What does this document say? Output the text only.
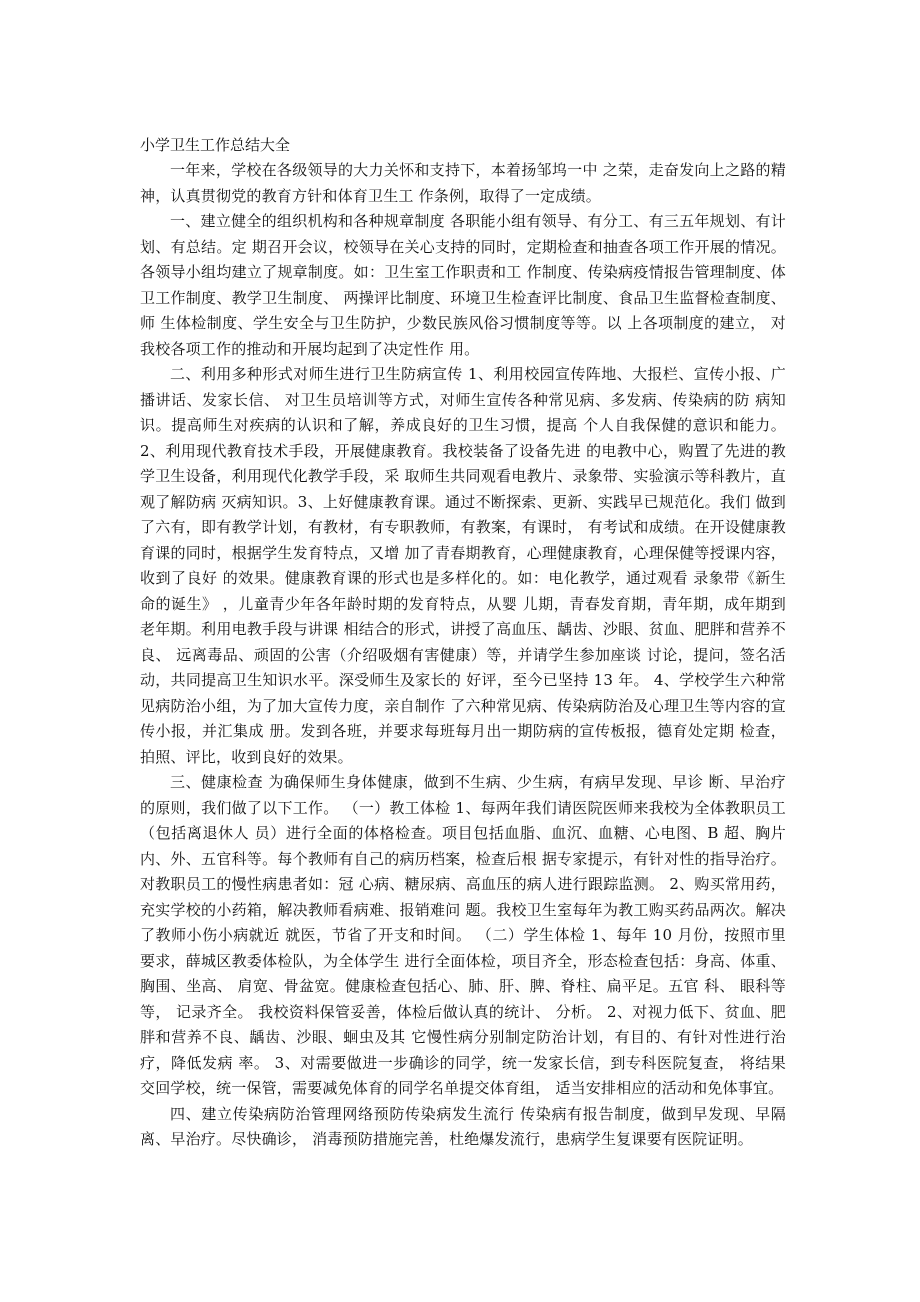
小学卫生工作总结大全

一年来，学校在各级领导的大力关怀和支持下，本着扬邹坞一中 之荣，走奋发向上之路的精神，认真贯彻党的教育方针和体育卫生工 作条例，取得了一定成绩。

一、建立健全的组织机构和各种规章制度 各职能小组有领导、有分工、有三五年规划、有计划、有总结。定 期召开会议，校领导在关心支持的同时，定期检查和抽查各项工作开展的情况。各领导小组均建立了规章制度。如：卫生室工作职责和工 作制度、传染病疫情报告管理制度、体卫工作制度、教学卫生制度、 两操评比制度、环境卫生检查评比制度、食品卫生监督检查制度、师 生体检制度、学生安全与卫生防护，少数民族风俗习惯制度等等。以 上各项制度的建立， 对我校各项工作的推动和开展均起到了决定性作 用。

二、利用多种形式对师生进行卫生防病宣传 1、利用校园宣传阵地、大报栏、宣传小报、广播讲话、发家长信、 对卫生员培训等方式，对师生宣传各种常见病、多发病、传染病的防 病知识。提高师生对疾病的认识和了解，养成良好的卫生习惯，提高 个人自我保健的意识和能力。 2、利用现代教育技术手段，开展健康教育。我校装备了设备先进 的电教中心，购置了先进的教学卫生设备，利用现代化教学手段，采 取师生共同观看电教片、录象带、实验演示等科教片，直观了解防病 灭病知识。3、上好健康教育课。通过不断探索、更新、实践早已规范化。我们 做到了六有，即有教学计划，有教材，有专职教师，有教案，有课时， 有考试和成绩。在开设健康教育课的同时，根据学生发育特点，又增 加了青春期教育，心理健康教育，心理保健等授课内容，收到了良好 的效果。健康教育课的形式也是多样化的。如：电化教学，通过观看 录象带《新生命的诞生》 ，儿童青少年各年龄时期的发育特点，从婴 儿期，青春发育期，青年期，成年期到老年期。利用电教手段与讲课 相结合的形式，讲授了高血压、龋齿、沙眼、贫血、肥胖和营养不良、 远离毒品、顽固的公害（介绍吸烟有害健康）等，并请学生参加座谈 讨论，提问，签名活动，共同提高卫生知识水平。深受师生及家长的 好评，至今已坚持 13 年。 4、学校学生六种常见病防治小组，为了加大宣传力度，亲自制作 了六种常见病、传染病防治及心理卫生等内容的宣传小报，并汇集成 册。发到各班，并要求每班每月出一期防病的宣传板报，德育处定期 检查，拍照、评比，收到良好的效果。

三、健康检查 为确保师生身体健康，做到不生病、少生病，有病早发现、早诊 断、早治疗的原则，我们做了以下工作。 （一）教工体检 1、每两年我们请医院医师来我校为全体教职员工（包括离退休人 员）进行全面的体格检查。项目包括血脂、血沉、血糖、心电图、B 超、胸片内、外、五官科等。每个教师有自己的病历档案，检查后根 据专家提示，有针对性的指导治疗。对教职员工的慢性病患者如：冠 心病、糖尿病、高血压的病人进行跟踪监测。 2、购买常用药，充实学校的小药箱，解决教师看病难、报销难问 题。我校卫生室每年为教工购买药品两次。解决了教师小伤小病就近 就医，节省了开支和时间。 （二）学生体检 1、每年 10 月份，按照市里要求，薛城区教委体检队，为全体学生 进行全面体检，项目齐全，形态检查包括：身高、体重、胸围、坐高、 肩宽、骨盆宽。健康检查包括心、肺、肝、脾、脊柱、扁平足。五官 科、 眼科等等， 记录齐全。 我校资料保管妥善，体检后做认真的统计、 分析。 2、对视力低下、贫血、肥胖和营养不良、龋齿、沙眼、蛔虫及其 它慢性病分别制定防治计划，有目的、有针对性进行治疗，降低发病 率。 3、对需要做进一步确诊的同学，统一发家长信，到专科医院复查， 将结果交回学校，统一保管，需要减免体育的同学名单提交体育组， 适当安排相应的活动和免体事宜。

四、建立传染病防治管理网络预防传染病发生流行 传染病有报告制度，做到早发现、早隔离、早治疗。尽快确诊， 消毒预防措施完善，杜绝爆发流行，患病学生复课要有医院证明。
